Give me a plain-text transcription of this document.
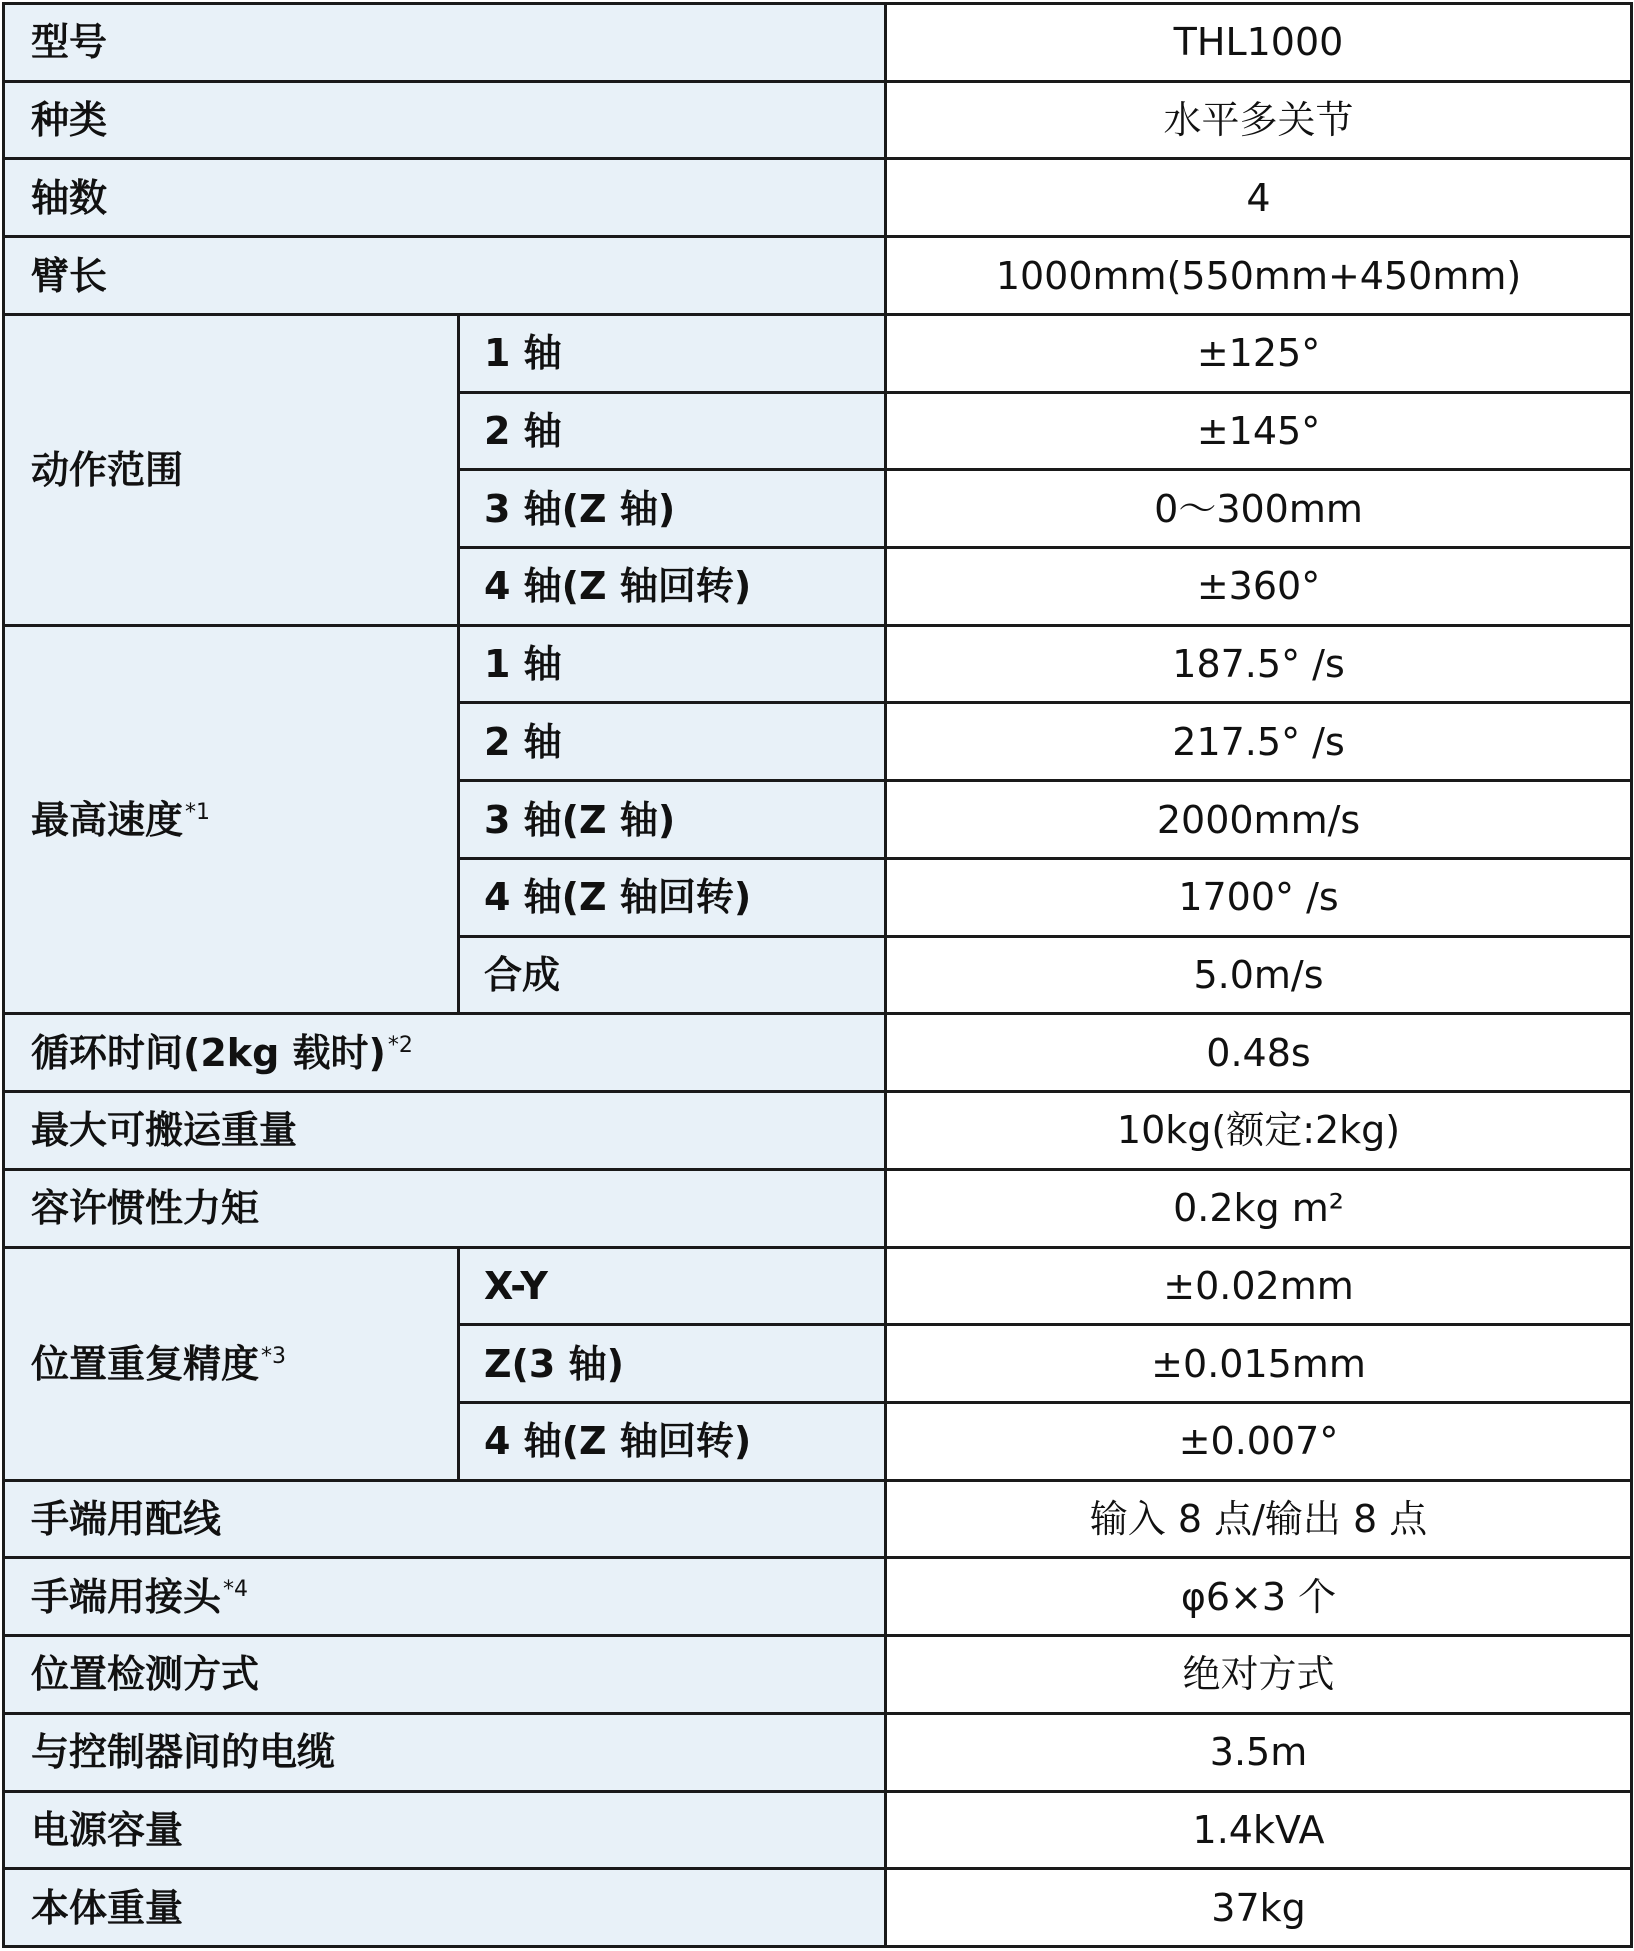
型号		THL1000
种类		水平多关节
轴数		4
臂长		1000mm(550mm+450mm)
动作范围	1 轴	±125°
	2 轴	±145°
	3 轴(Z 轴)	0～300mm
	4 轴(Z 轴回转)	±360°
最高速度$^{*1}$	1 轴	187.5° /s
	2 轴	217.5° /s
	3 轴(Z 轴)	2000mm/s
	4 轴(Z 轴回转)	1700° /s
	合成	5.0m/s
循环时间(2kg 载时)$^{*2}$		0.48s
最大可搬运重量		10kg(额定:2kg)
容许惯性力矩		0.2kg m²
位置重复精度$^{*3}$	X-Y	±0.02mm
	Z(3 轴)	±0.015mm
	4 轴(Z 轴回转)	±0.007°
手端用配线		输入 8 点/输出 8 点
手端用接头$^{*4}$		φ6×3 个
位置检测方式		绝对方式
与控制器间的电缆		3.5m
电源容量		1.4kVA
本体重量		37kg
